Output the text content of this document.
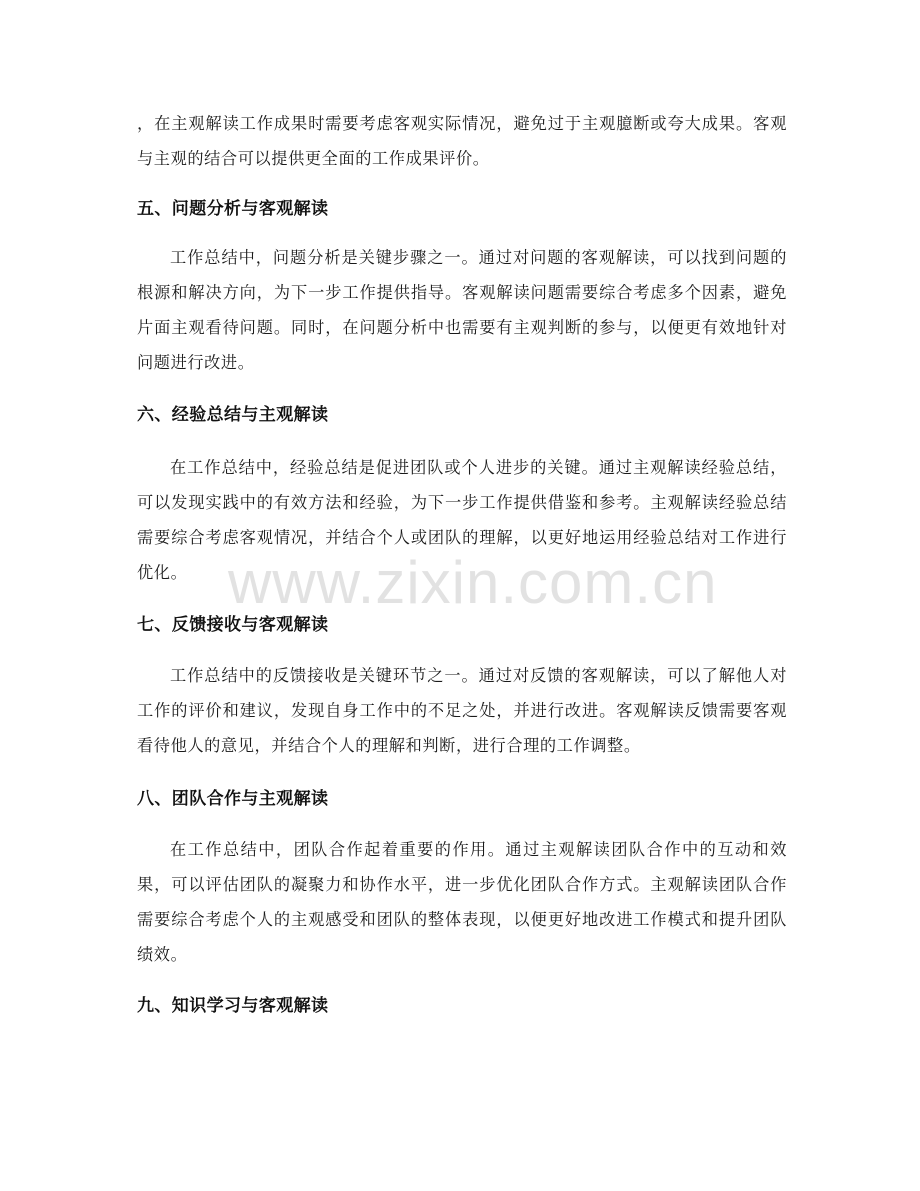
，在主观解读工作成果时需要考虑客观实际情况，避免过于主观臆断或夸大成果。客观与主观的结合可以提供更全面的工作成果评价。

五、问题分析与客观解读

工作总结中，问题分析是关键步骤之一。通过对问题的客观解读，可以找到问题的根源和解决方向，为下一步工作提供指导。客观解读问题需要综合考虑多个因素，避免片面主观看待问题。同时，在问题分析中也需要有主观判断的参与，以便更有效地针对问题进行改进。

六、经验总结与主观解读

在工作总结中，经验总结是促进团队或个人进步的关键。通过主观解读经验总结，可以发现实践中的有效方法和经验，为下一步工作提供借鉴和参考。主观解读经验总结需要综合考虑客观情况，并结合个人或团队的理解，以更好地运用经验总结对工作进行优化。

七、反馈接收与客观解读

工作总结中的反馈接收是关键环节之一。通过对反馈的客观解读，可以了解他人对工作的评价和建议，发现自身工作中的不足之处，并进行改进。客观解读反馈需要客观看待他人的意见，并结合个人的理解和判断，进行合理的工作调整。

八、团队合作与主观解读

在工作总结中，团队合作起着重要的作用。通过主观解读团队合作中的互动和效果，可以评估团队的凝聚力和协作水平，进一步优化团队合作方式。主观解读团队合作需要综合考虑个人的主观感受和团队的整体表现，以便更好地改进工作模式和提升团队绩效。

九、知识学习与客观解读
www.zixin.com.cn
